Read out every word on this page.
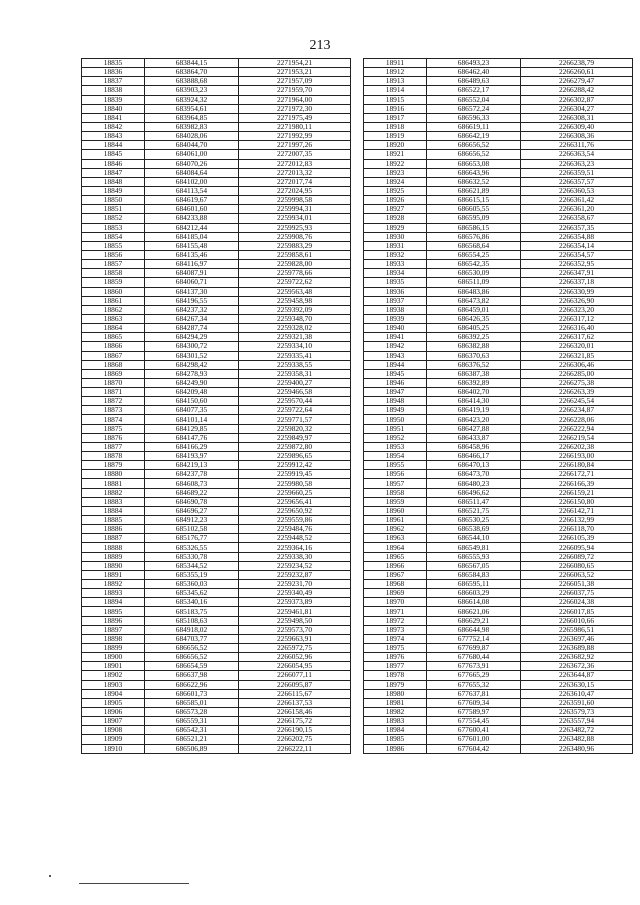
213
18835	683844,15	2271954,21
18836	683864,70	2271953,21
18837	683888,68	2271957,09
18838	683903,23	2271959,70
18839	683924,32	2271964,00
18840	683954,61	2271972,30
18841	683964,85	2271975,49
18842	683982,83	2271980,11
18843	684028,06	2271992,99
18844	684044,70	2271997,26
18845	684061,00	2272007,35
18846	684070,26	2272012,83
18847	684084,64	2272013,32
18848	684102,00	2272017,74
18849	684113,54	2272024,95
18850	684619,67	2259998,58
18851	684601,60	2259994,31
18852	684233,88	2259934,01
18853	684212,44	2259925,93
18854	684185,04	2259908,76
18855	684155,48	2259883,29
18856	684135,46	2259858,61
18857	684116,97	2259828,00
18858	684087,91	2259778,66
18859	684060,71	2259722,62
18860	684137,30	2259563,48
18861	684196,55	2259458,98
18862	684237,32	2259392,09
18863	684267,34	2259348,70
18864	684287,74	2259328,02
18865	684294,29	2259321,38
18866	684300,72	2259334,10
18867	684301,52	2259335,41
18868	684298,42	2259338,55
18869	684278,93	2259358,31
18870	684249,90	2259400,27
18871	684209,48	2259466,58
18872	684150,60	2259570,44
18873	684077,35	2259722,64
18874	684101,14	2259771,57
18875	684129,85	2259820,32
18876	684147,76	2259849,97
18877	684166,29	2259872,80
18878	684193,97	2259896,65
18879	684219,13	2259912,42
18880	684237,78	2259919,45
18881	684608,73	2259980,58
18882	684689,22	2259660,25
18883	684690,78	2259656,41
18884	684696,27	2259650,92
18885	684912,23	2259559,86
18886	685102,58	2259484,76
18887	685176,77	2259448,52
18888	685326,55	2259364,16
18889	685330,78	2259338,30
18890	685344,52	2259234,52
18891	685355,19	2259232,87
18892	685360,03	2259231,70
18893	685345,62	2259340,49
18894	685340,16	2259373,89
18895	685183,75	2259461,81
18896	685108,63	2259498,50
18897	684918,02	2259573,70
18898	684703,77	2259663,91
18899	686656,52	2265972,75
18900	686656,52	2266052,96
18901	686654,59	2266054,95
18902	686637,98	2266077,11
18903	686622,96	2266095,87
18904	686601,73	2266115,67
18905	686585,01	2266137,53
18906	686573,28	2266158,46
18907	686559,31	2266175,72
18908	686542,31	2266190,15
18909	686521,21	2266202,75
18910	686506,89	2266222,11
18911	686493,23	2266238,79
18912	686462,40	2266260,61
18913	686489,63	2266279,47
18914	686522,17	2266288,42
18915	686552,04	2266302,87
18916	686572,24	2266304,27
18917	686596,33	2266308,31
18918	686619,11	2266309,40
18919	686642,19	2266308,36
18920	686656,52	2266311,76
18921	686656,52	2266363,54
18922	686653,08	2266363,23
18923	686643,96	2266359,51
18924	686632,52	2266357,57
18925	686621,89	2266360,53
18926	686615,15	2266361,42
18927	686605,55	2266361,20
18928	686595,09	2266358,67
18929	686586,15	2266357,35
18930	686576,86	2266354,88
18931	686568,64	2266354,14
18932	686554,25	2266354,57
18933	686542,35	2266352,95
18934	686530,09	2266347,91
18935	686511,09	2266337,18
18936	686483,86	2266330,99
18937	686473,82	2266326,90
18938	686459,01	2266323,20
18939	686426,35	2266317,12
18940	686405,25	2266316,40
18941	686392,25	2266317,62
18942	686382,88	2266320,01
18943	686370,63	2266321,85
18944	686376,52	2266306,46
18945	686387,38	2266285,00
18946	686392,89	2266275,38
18947	686402,70	2266263,39
18948	686414,30	2266245,54
18949	686419,19	2266234,87
18950	686423,20	2266228,06
18951	686427,88	2266222,94
18952	686433,87	2266219,54
18953	686458,96	2266202,38
18954	686466,17	2266193,00
18955	686470,13	2266180,84
18956	686473,70	2266172,71
18957	686480,23	2266166,39
18958	686496,62	2266159,21
18959	686511,47	2266150,80
18960	686521,75	2266142,71
18961	686530,25	2266132,99
18962	686538,69	2266118,70
18963	686544,10	2266105,39
18964	686549,81	2266095,94
18965	686555,93	2266089,72
18966	686567,05	2266080,65
18967	686584,83	2266063,52
18968	686595,11	2266051,38
18969	686603,29	2266037,75
18970	686614,08	2266024,38
18971	686621,06	2266017,85
18972	686629,21	2266010,66
18973	686644,98	2265986,51
18974	677752,14	2263697,46
18975	677699,87	2263689,88
18976	677680,44	2263682,92
18977	677673,91	2263672,36
18978	677665,29	2263644,87
18979	677655,32	2263630,15
18980	677637,81	2263610,47
18981	677609,34	2263591,60
18982	677589,97	2263579,73
18983	677554,45	2263557,94
18984	677600,41	2263482,72
18985	677601,00	2263482,88
18986	677604,42	2263480,96
